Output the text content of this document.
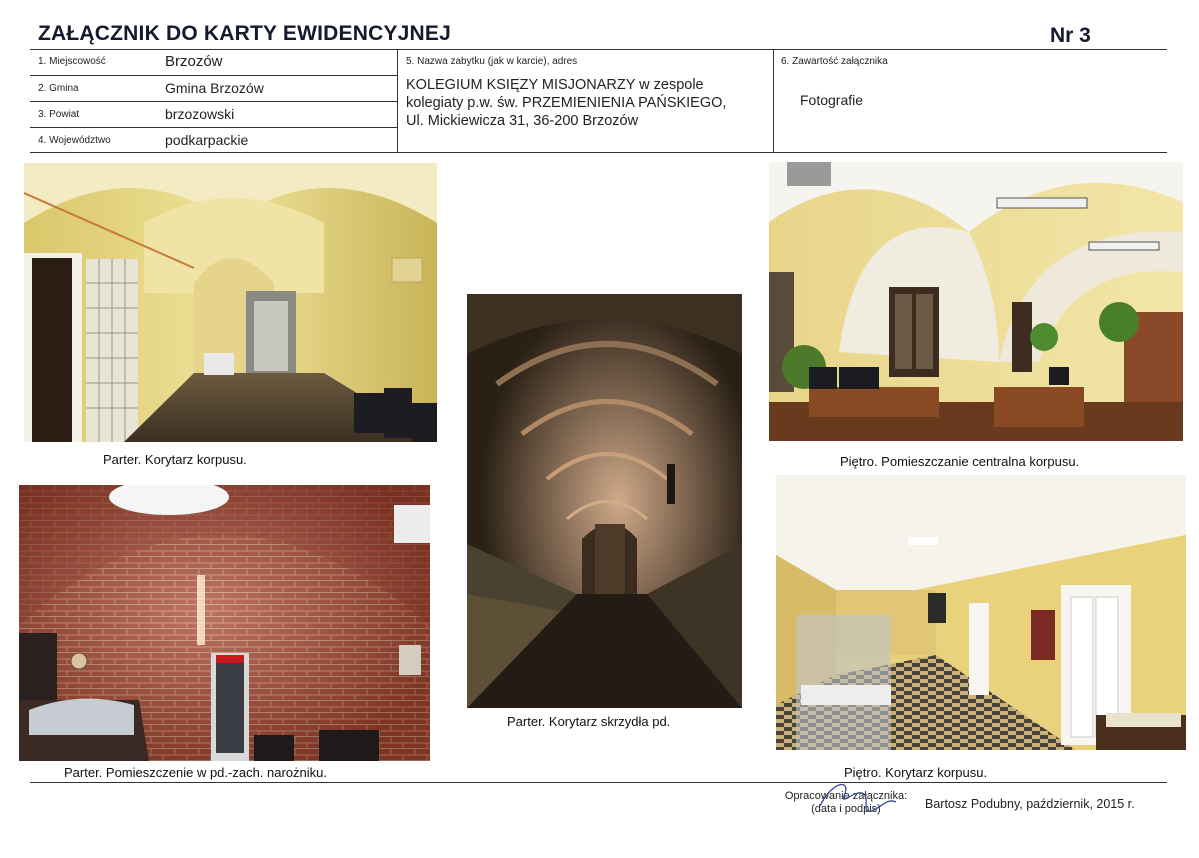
ZAŁĄCZNIK DO KARTY EWIDENCYJNEJ	Nr 3
1. Miejscowość	Brzozów
2. Gmina	Gmina Brzozów
3. Powiat	brzozowski
4. Województwo	podkarpackie
5. Nazwa zabytku (jak w karcie), adres
KOLEGIUM KSIĘZY MISJONARZY w zespole
kolegiaty p.w. św. PRZEMIENIENIA PAŃSKIEGO,
Ul. Mickiewicza 31, 36-200 Brzozów
6. Zawartość załącznika
Fotografie
Parter. Korytarz korpusu.
Parter. Pomieszczenie w pd.-zach. narożniku.
Parter. Korytarz skrzydła pd.
Piętro. Pomieszczanie centralna korpusu.
Piętro. Korytarz korpusu.
Opracowanie załącznika:
(data i podpis)	Bartosz Podubny, październik, 2015 r.
